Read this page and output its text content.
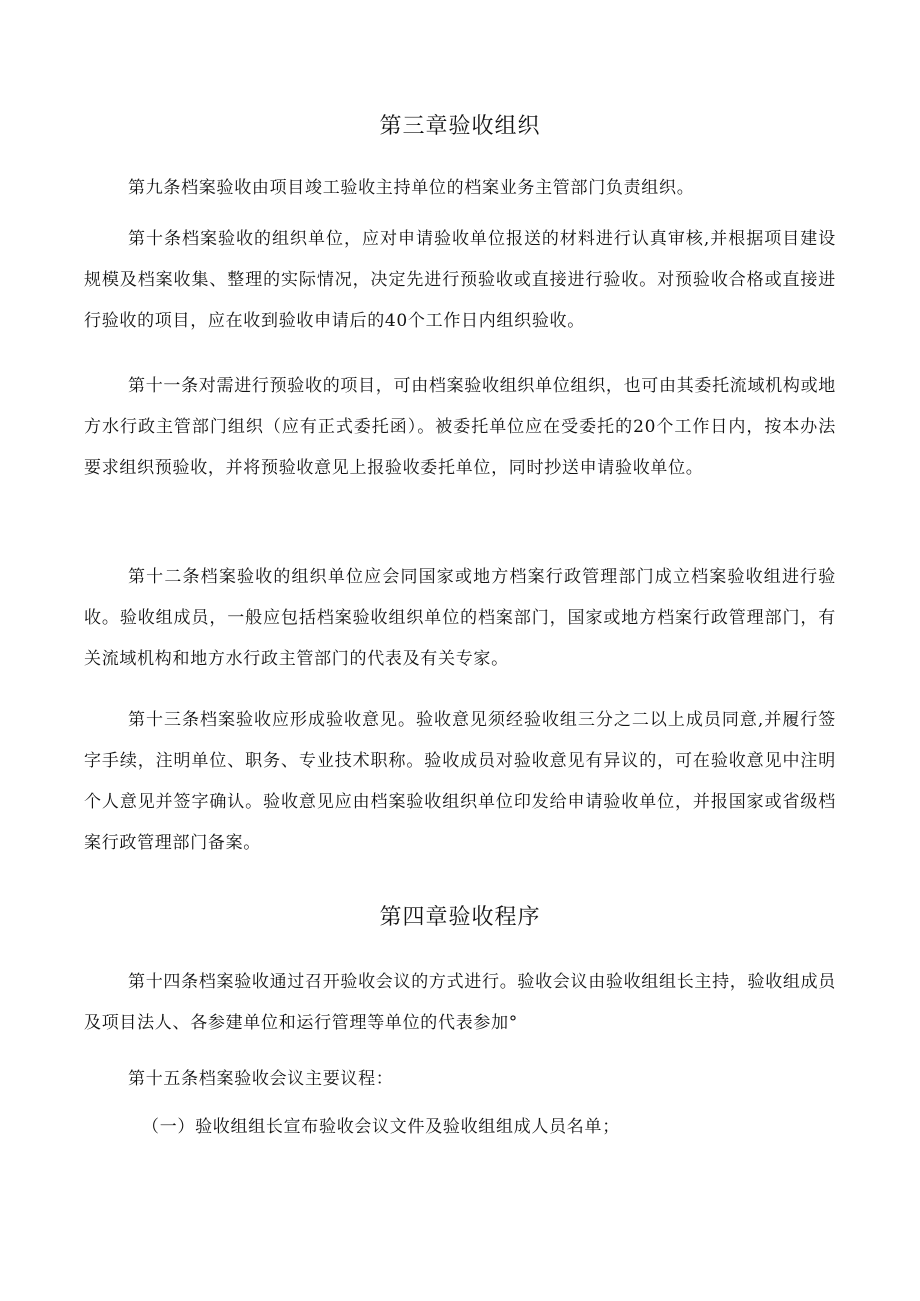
第三章验收组织

第九条档案验收由项目竣工验收主持单位的档案业务主管部门负责组织。

第十条档案验收的组织单位，应对申请验收单位报送的材料进行认真审核,并根据项目建设规模及档案收集、整理的实际情况，决定先进行预验收或直接进行验收。对预验收合格或直接进行验收的项目，应在收到验收申请后的40个工作日内组织验收。

第十一条对需进行预验收的项目，可由档案验收组织单位组织，也可由其委托流域机构或地方水行政主管部门组织（应有正式委托函）。被委托单位应在受委托的20个工作日内，按本办法要求组织预验收，并将预验收意见上报验收委托单位，同时抄送申请验收单位。

第十二条档案验收的组织单位应会同国家或地方档案行政管理部门成立档案验收组进行验收。验收组成员，一般应包括档案验收组织单位的档案部门，国家或地方档案行政管理部门，有关流域机构和地方水行政主管部门的代表及有关专家。

第十三条档案验收应形成验收意见。验收意见须经验收组三分之二以上成员同意,并履行签字手续，注明单位、职务、专业技术职称。验收成员对验收意见有异议的，可在验收意见中注明个人意见并签字确认。验收意见应由档案验收组织单位印发给申请验收单位，并报国家或省级档案行政管理部门备案。

第四章验收程序

第十四条档案验收通过召开验收会议的方式进行。验收会议由验收组组长主持，验收组成员及项目法人、各参建单位和运行管理等单位的代表参加°

第十五条档案验收会议主要议程：

（一）验收组组长宣布验收会议文件及验收组组成人员名单；
